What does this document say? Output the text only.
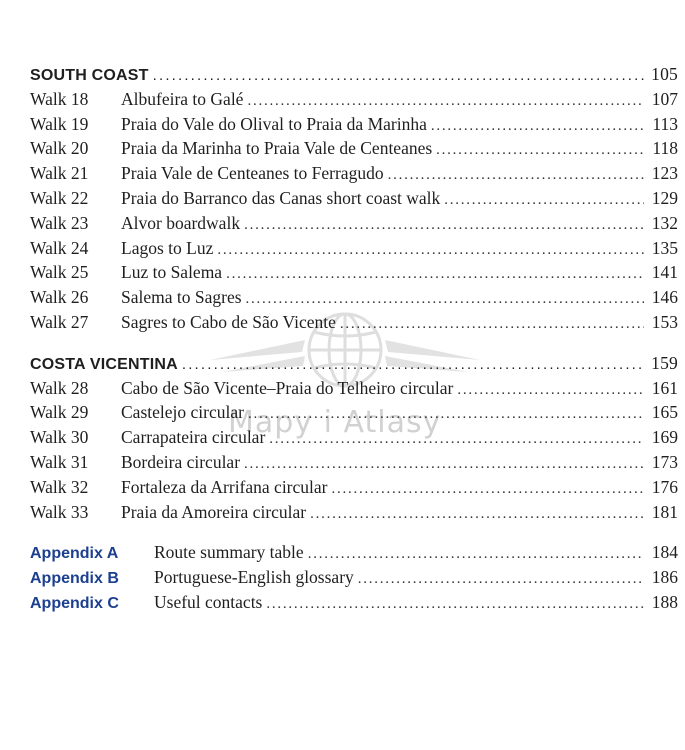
Mapy i Atlasy
SOUTH COAST . . .	105
Walk 18	Albufeira to Galé . . .	107
Walk 19	Praia do Vale do Olival to Praia da Marinha . . .	113
Walk 20	Praia da Marinha to Praia Vale de Centeanes . . .	118
Walk 21	Praia Vale de Centeanes to Ferragudo . . .	123
Walk 22	Praia do Barranco das Canas short coast walk . . .	129
Walk 23	Alvor boardwalk . . .	132
Walk 24	Lagos to Luz . . .	135
Walk 25	Luz to Salema . . .	141
Walk 26	Salema to Sagres . . .	146
Walk 27	Sagres to Cabo de São Vicente . . .	153
COSTA VICENTINA . . .	159
Walk 28	Cabo de São Vicente–Praia do Telheiro circular . . .	161
Walk 29	Castelejo circular . . .	165
Walk 30	Carrapateira circular . . .	169
Walk 31	Bordeira circular . . .	173
Walk 32	Fortaleza da Arrifana circular . . .	176
Walk 33	Praia da Amoreira circular . . .	181
Appendix A	Route summary table . . .	184
Appendix B	Portuguese-English glossary . . .	186
Appendix C	Useful contacts . . .	188
